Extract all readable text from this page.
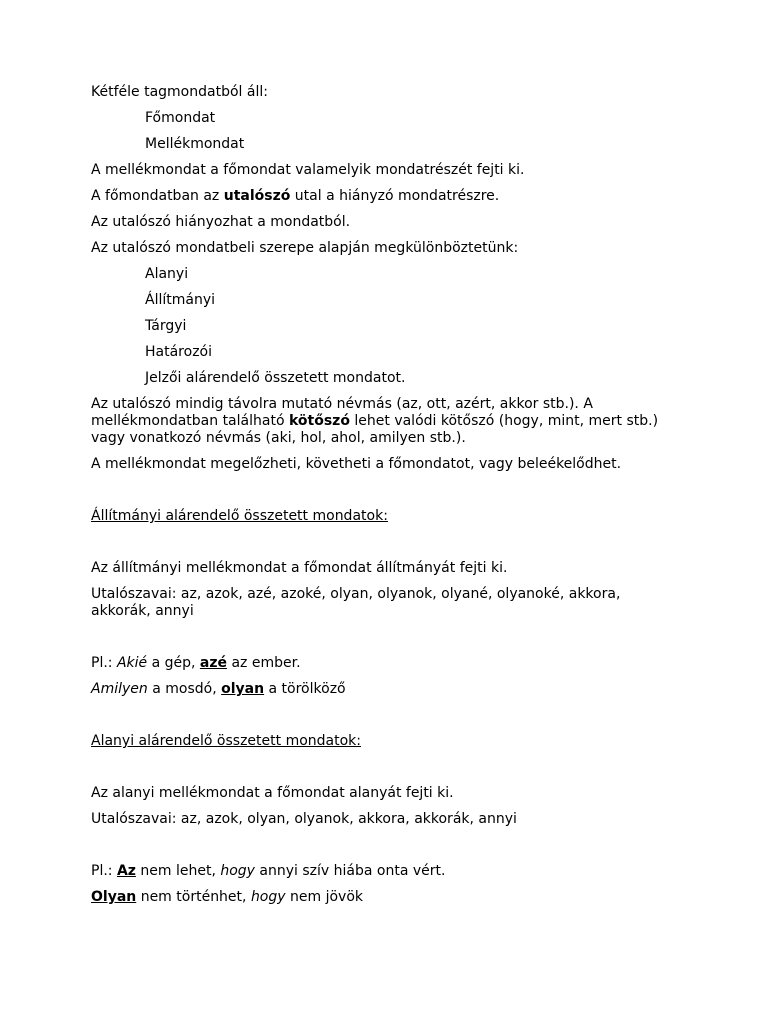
Kétféle tagmondatból áll:
Főmondat
Mellékmondat
A mellékmondat a főmondat valamelyik mondatrészét fejti ki.
A főmondatban az utalószó utal a hiányzó mondatrészre.
Az utalószó hiányozhat a mondatból.
Az utalószó mondatbeli szerepe alapján megkülönböztetünk:
Alanyi
Állítmányi
Tárgyi
Határozói
Jelzői alárendelő összetett mondatot.
Az utalószó mindig távolra mutató névmás (az, ott, azért, akkor stb.). A mellékmondatban található kötőszó lehet valódi kötőszó (hogy, mint, mert stb.) vagy vonatkozó névmás (aki, hol, ahol, amilyen stb.).
A mellékmondat megelőzheti, követheti a főmondatot, vagy beleékelődhet.
Állítmányi alárendelő összetett mondatok:
Az állítmányi mellékmondat a főmondat állítmányát fejti ki.
Utalószavai: az, azok, azé, azoké, olyan, olyanok, olyané, olyanoké, akkora, akkorák, annyi
Pl.: Akié a gép, azé az ember.
Amilyen a mosdó, olyan a törölköző
Alanyi alárendelő összetett mondatok:
Az alanyi mellékmondat a főmondat alanyát fejti ki.
Utalószavai: az, azok, olyan, olyanok, akkora, akkorák, annyi
Pl.: Az nem lehet, hogy annyi szív hiába onta vért.
Olyan nem történhet, hogy nem jövök
